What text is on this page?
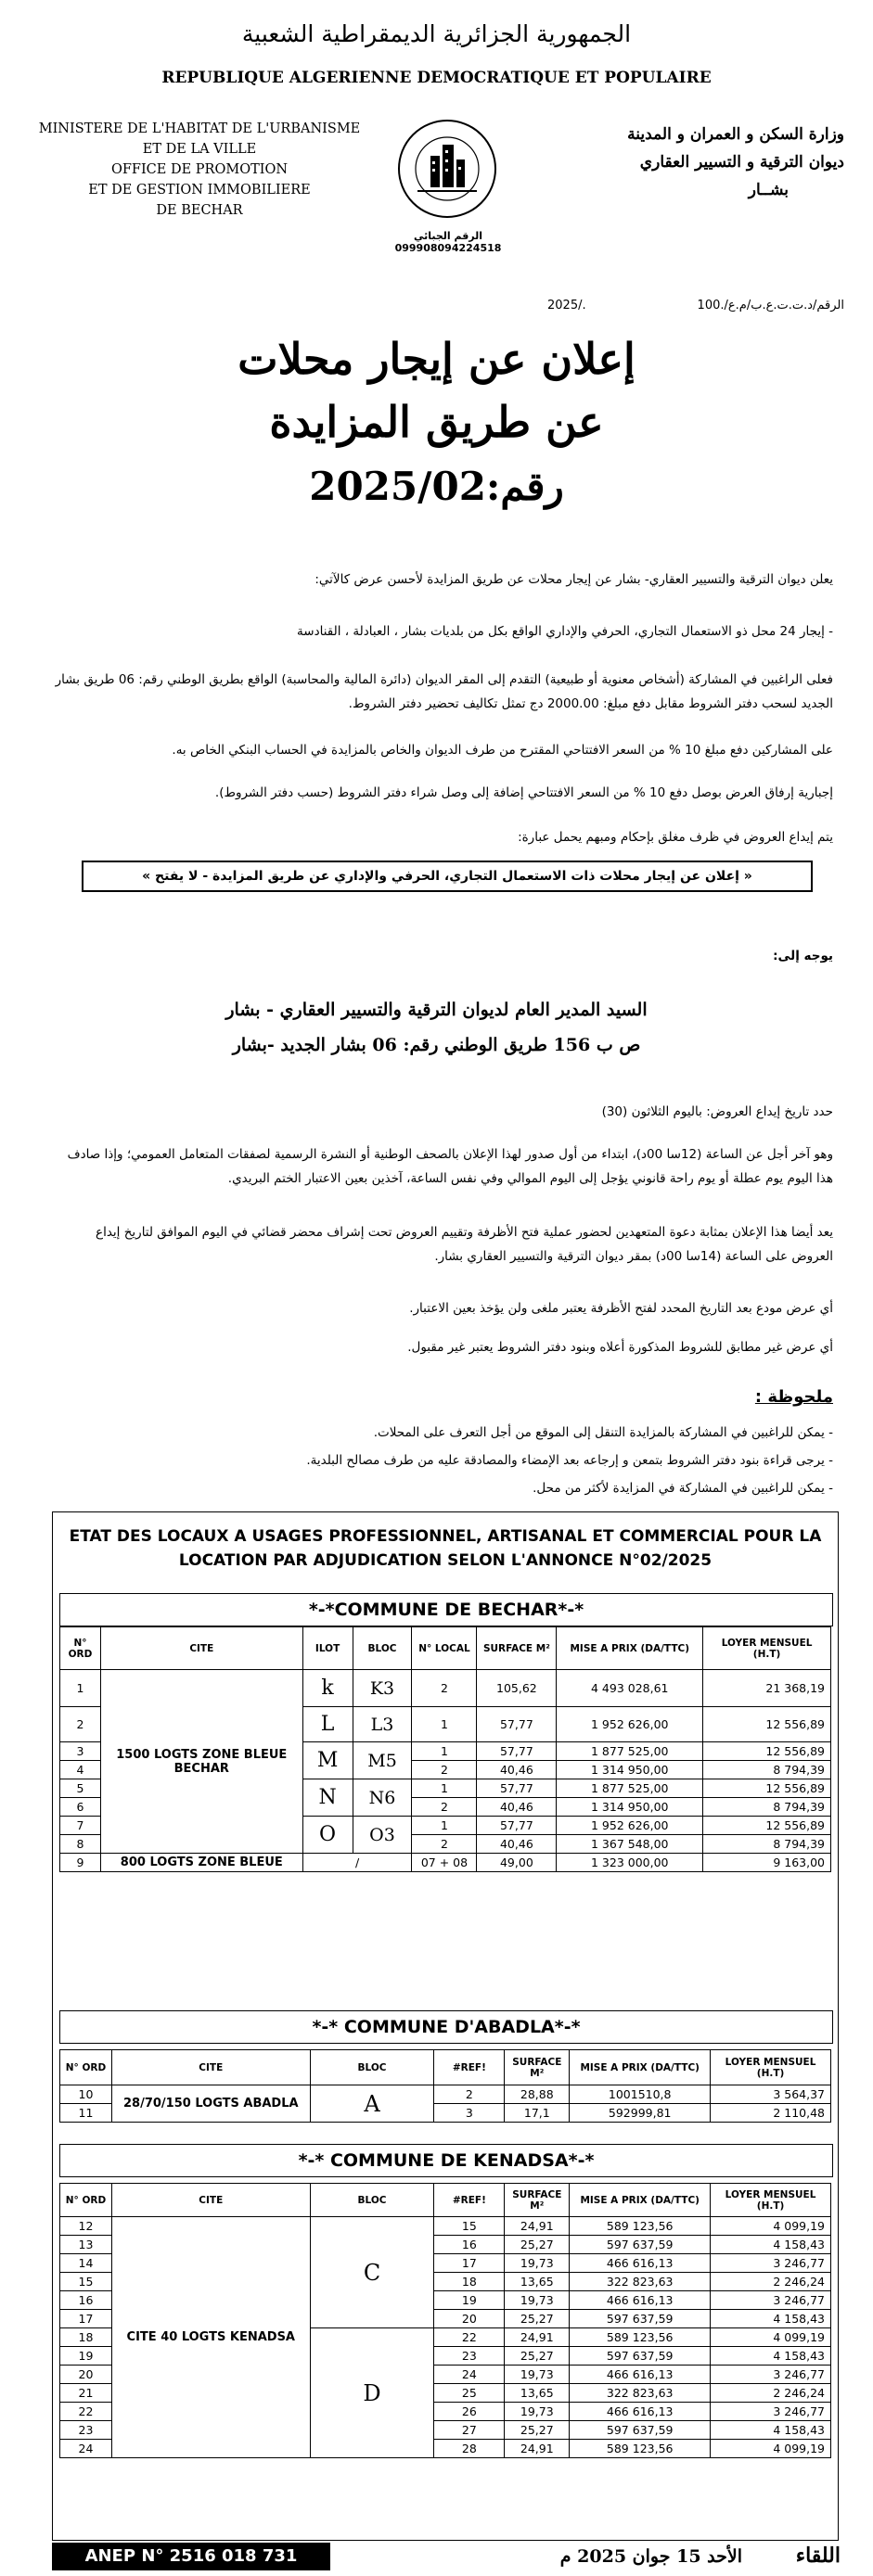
الجمهورية الجزائرية الديمقراطية الشعبية
REPUBLIQUE ALGERIENNE DEMOCRATIQUE ET POPULAIRE
MINISTERE DE L'HABITAT DE L'URBANISME
ET DE LA VILLE
OFFICE DE PROMOTION
ET DE GESTION IMMOBILIERE
DE BECHAR
الرقم الجبائي 099908094224518
وزارة السكن و العمران و المدينة
ديوان الترقية و التسيير العقاري
بشــار
2025/.	الرقم/د.ت.ت.ع.ب/م.ع/.100
إعلان عن إيجار محلات
عن طريق المزايدة
رقم:2025/02
يعلن ديوان الترقية والتسيير العقاري- بشار عن إيجار محلات عن طريق المزايدة لأحسن عرض كالآتي:
- إيجار 24 محل ذو الاستعمال التجاري، الحرفي والإداري الواقع بكل من بلديات بشار ، العبادلة ، القنادسة
فعلى الراغبين في المشاركة (أشخاص معنوية أو طبيعية) التقدم إلى المقر الديوان (دائرة المالية والمحاسبة) الواقع بطريق الوطني رقم: 06 طريق بشار الجديد لسحب دفتر الشروط مقابل دفع مبلغ: 2000.00 دج تمثل تكاليف تحضير دفتر الشروط.
على المشاركين دفع مبلغ 10 % من السعر الافتتاحي المقترح من طرف الديوان والخاص بالمزايدة في الحساب البنكي الخاص به.
إجبارية إرفاق العرض بوصل دفع 10 % من السعر الافتتاحي إضافة إلى وصل شراء دفتر الشروط (حسب دفتر الشروط).
يتم إيداع العروض في ظرف مغلق بإحكام ومبهم يحمل عبارة:
« إعلان عن إيجار محلات ذات الاستعمال التجاري، الحرفي والإداري عن طريق المزايدة - لا يفتح »
يوجه إلى:
السيد المدير العام لديوان الترقية والتسيير العقاري - بشار
ص ب 156 طريق الوطني رقم: 06 بشار الجديد -بشار
حدد تاريخ إيداع العروض: باليوم الثلاثون (30)
وهو آخر أجل عن الساعة (12سا 00د)، ابتداء من أول صدور لهذا الإعلان بالصحف الوطنية أو النشرة الرسمية لصفقات المتعامل العمومي؛ وإذا صادف هذا اليوم يوم عطلة أو يوم راحة قانوني يؤجل إلى اليوم الموالي وفي نفس الساعة، آخذين بعين الاعتبار الختم البريدي.
يعد أيضا هذا الإعلان بمثابة دعوة المتعهدين لحضور عملية فتح الأظرفة وتقييم العروض تحت إشراف محضر قضائي في اليوم الموافق لتاريخ إيداع العروض على الساعة (14سا 00د) بمقر ديوان الترقية والتسيير العقاري بشار.
أي عرض مودع بعد التاريخ المحدد لفتح الأظرفة يعتبر ملغى ولن يؤخذ بعين الاعتبار.
أي عرض غير مطابق للشروط المذكورة أعلاه وبنود دفتر الشروط يعتبر غير مقبول.
ملحوظة :
- يمكن للراغبين في المشاركة بالمزايدة التنقل إلى الموقع من أجل التعرف على المحلات.
- يرجى قراءة بنود دفتر الشروط بتمعن و إرجاعه بعد الإمضاء والمصادقة عليه من طرف مصالح البلدية.
- يمكن للراغبين في المشاركة في المزايدة لأكثر من محل.
ETAT DES LOCAUX A USAGES PROFESSIONNEL, ARTISANAL ET COMMERCIAL POUR LA LOCATION PAR ADJUDICATION SELON L'ANNONCE N°02/2025
*-*COMMUNE DE BECHAR*-*
N° ORD	CITE	ILOT	BLOC	N° LOCAL	SURFACE M²	MISE A PRIX (DA/TTC)	LOYER MENSUEL (H.T)
1	1500 LOGTS ZONE BLEUE BECHAR	k	K3	2	105,62	4 493 028,61	21 368,19
2		L	L3	1	57,77	1 952 626,00	12 556,89
3		M	M5	1	57,77	1 877 525,00	12 556,89
4				2	40,46	1 314 950,00	8 794,39
5		N	N6	1	57,77	1 877 525,00	12 556,89
6				2	40,46	1 314 950,00	8 794,39
7		O	O3	1	57,77	1 952 626,00	12 556,89
8				2	40,46	1 367 548,00	8 794,39
9	800 LOGTS ZONE BLEUE	/		07 + 08	49,00	1 323 000,00	9 163,00
*-* COMMUNE D'ABADLA*-*
N° ORD	CITE	BLOC	#REF!	SURFACE M²	MISE A PRIX (DA/TTC)	LOYER MENSUEL (H.T)
10	28/70/150 LOGTS ABADLA	A	2	28,88	1001510,8	3 564,37
11			3	17,1	592999,81	2 110,48
*-* COMMUNE DE KENADSA*-*
N° ORD	CITE	BLOC	#REF!	SURFACE M²	MISE A PRIX (DA/TTC)	LOYER MENSUEL (H.T)
12	CITE 40 LOGTS KENADSA	C	15	24,91	589 123,56	4 099,19
13			16	25,27	597 637,59	4 158,43
14			17	19,73	466 616,13	3 246,77
15			18	13,65	322 823,63	2 246,24
16			19	19,73	466 616,13	3 246,77
17			20	25,27	597 637,59	4 158,43
18		D	22	24,91	589 123,56	4 099,19
19			23	25,27	597 637,59	4 158,43
20			24	19,73	466 616,13	3 246,77
21			25	13,65	322 823,63	2 246,24
22			26	19,73	466 616,13	3 246,77
23			27	25,27	597 637,59	4 158,43
24			28	24,91	589 123,56	4 099,19
ANEP N° 2516 018 731	الأحد 15 جوان 2025 م	اللقاء
